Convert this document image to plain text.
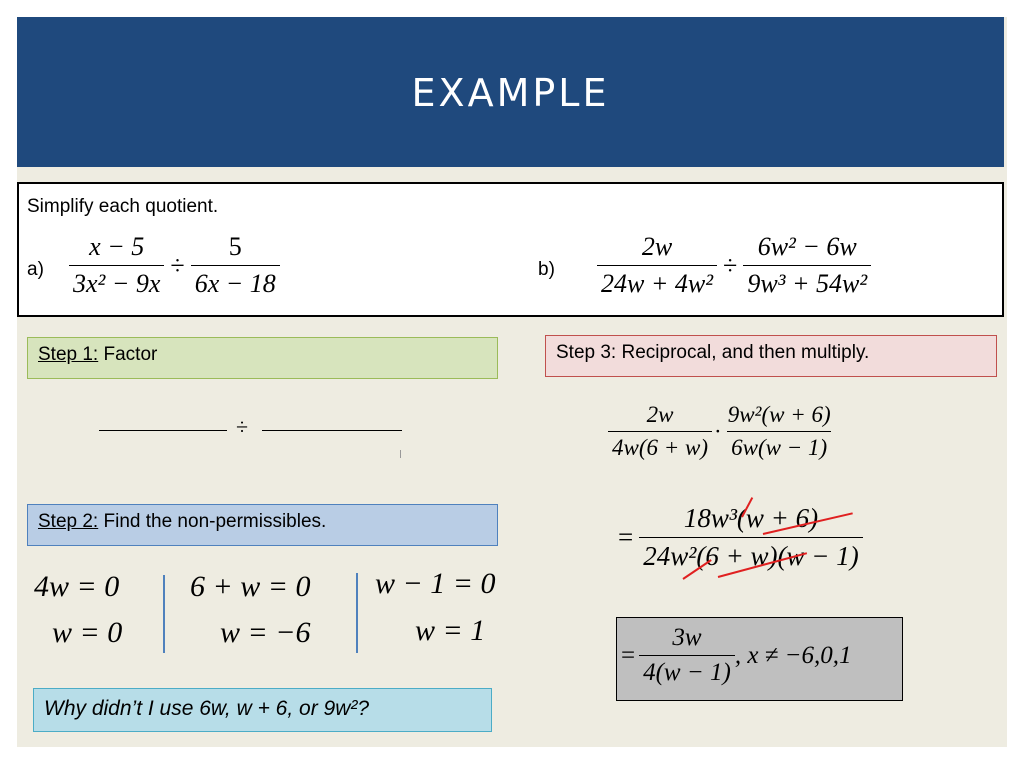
EXAMPLE
Simplify each quotient.
$a) \frac{x - 5}{\text{3x² − 9x}} \div \frac{5}{6x - 18}$	$b) \frac{2w}{\text{24w + 4w²}} \div \frac{\text{6w² − 6w}}{\text{9w³ + 54w²}}$
Step 1: Factor
÷
Step 2: Find the non-permissibles.
4w = 0
w = 0
6 + w = 0
w = −6
w − 1 = 0
w = 1
Why didn’t I use 6w, w + 6, or 9w²?
Step 3: Reciprocal, and then multiply.
$\frac{2w}{4w(6 + w)} \cdot \frac{\text{9w²(w + 6)}}{6w(w - 1)}$
= $\frac{\text{18w³(w + 6)}}{\text{24w²(6 + w)(w − 1)}}$
= $\frac{3w}{4(w - 1)}$ , x ≠ −6,0,1
